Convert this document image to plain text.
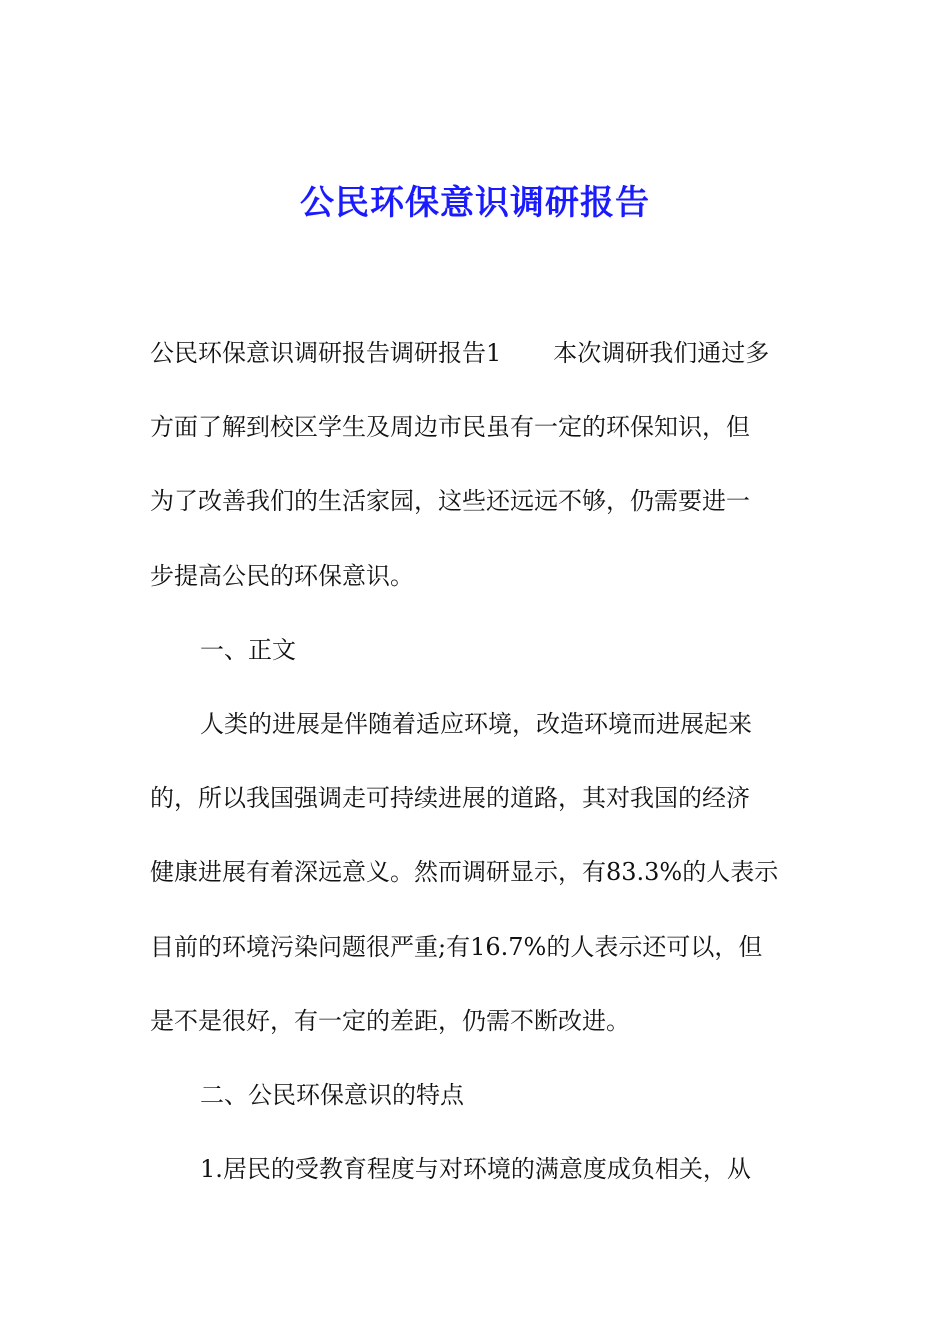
公民环保意识调研报告
公民环保意识调研报告调研报告1 本次调研我们通过多
方面了解到校区学生及周边市民虽有一定的环保知识，但
为了改善我们的生活家园，这些还远远不够，仍需要进一
步提高公民的环保意识。
一、正文
人类的进展是伴随着适应环境，改造环境而进展起来
的，所以我国强调走可持续进展的道路，其对我国的经济
健康进展有着深远意义。然而调研显示，有83.3%的人表示
目前的环境污染问题很严重;有16.7%的人表示还可以，但
是不是很好，有一定的差距，仍需不断改进。
二、公民环保意识的特点
1.居民的受教育程度与对环境的满意度成负相关，从
